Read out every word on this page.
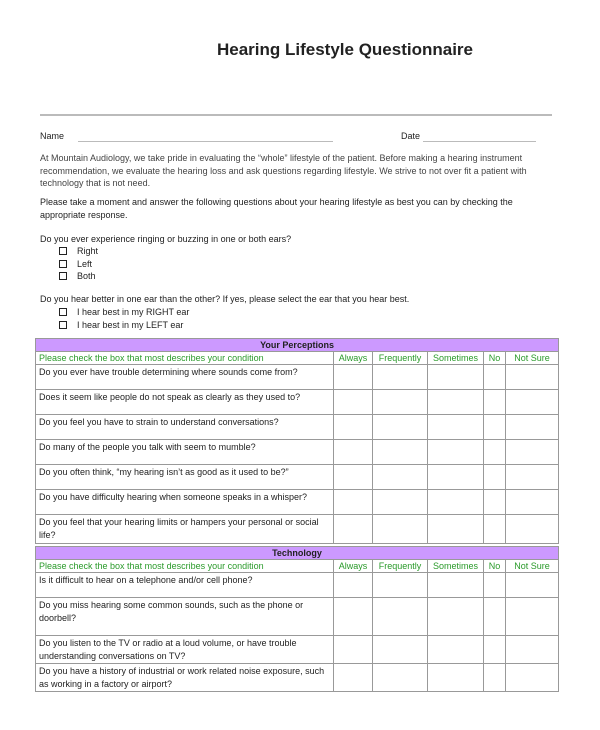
Hearing Lifestyle Questionnaire
Name	Date
At Mountain Audiology, we take pride in evaluating the “whole” lifestyle of the patient. Before making a hearing instrument recommendation, we evaluate the hearing loss and ask questions regarding lifestyle. We strive to not over fit a patient with technology that is not need.
Please take a moment and answer the following questions about your hearing lifestyle as best you can by checking the appropriate response.
Do you ever experience ringing or buzzing in one or both ears?
Right
Left
Both
Do you hear better in one ear than the other? If yes, please select the ear that you hear best.
I hear best in my RIGHT ear
I hear best in my LEFT ear
Your Perceptions					
Please check the box that most describes your condition	Always	Frequently	Sometimes	No	Not Sure
Do you ever have trouble determining where sounds come from?					
Does it seem like people do not speak as clearly as they used to?					
Do you feel you have to strain to understand conversations?					
Do many of the people you talk with seem to mumble?					
Do you often think, “my hearing isn’t as good as it used to be?”					
Do you have difficulty hearing when someone speaks in a whisper?					
Do you feel that your hearing limits or hampers your personal or social life?					
Technology					
Please check the box that most describes your condition	Always	Frequently	Sometimes	No	Not Sure
Is it difficult to hear on a telephone and/or cell phone?					
Do you miss hearing some common sounds, such as the phone or doorbell?					
Do you listen to the TV or radio at a loud volume, or have trouble understanding conversations on TV?					
Do you have a history of industrial or work related noise exposure, such as working in a factory or airport?					
